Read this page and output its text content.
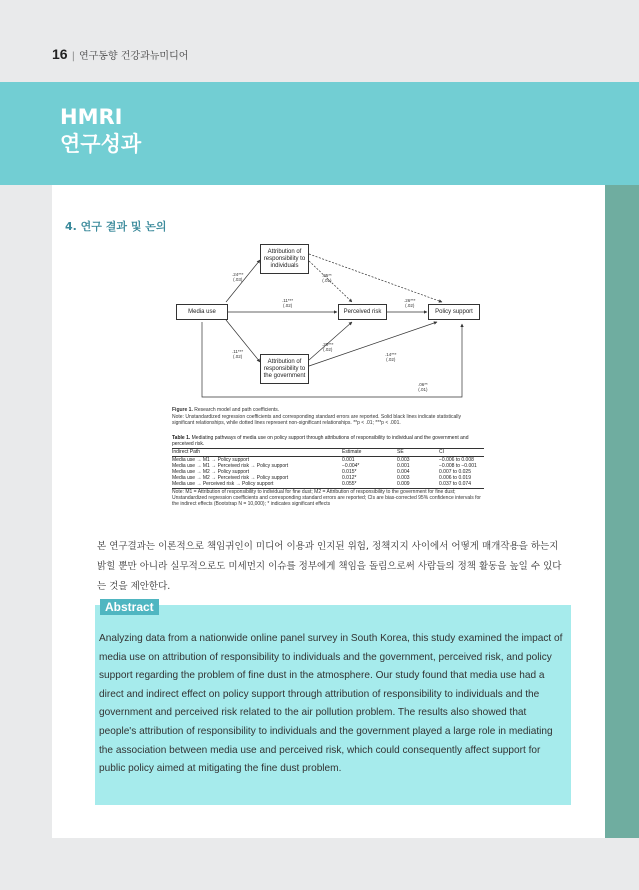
16 | 연구동향 건강과뉴미디어
HMRI
연구성과
4. 연구 결과 및 논의
Media use
Attribution of responsibility to individuals
Attribution of responsibility to the government
Perceived risk	Policy support
.24***
(.03)
.05**
(.01)
.11***
(.02)
.26***
(.02)
.11***
(.02)
.20***
(.02)
.14***
(.02)
.06**
(.01)
Figure 1. Research model and path coefficients.
Note: Unstandardized regression coefficients and corresponding standard errors are reported. Solid black lines indicate statistically significant relationships, while dotted lines represent non-significant relationships. **p < .01; ***p < .001.
Table 1. Mediating pathways of media use on policy support through attributions of responsibility to individual and the government and perceived risk.
Indirect Path	Estimate	SE	CI
Media use → M1 → Policy support	0.001	0.003	−0.006 to 0.008
Media use → M1 → Perceived risk → Policy support	−0.004*	0.001	−0.008 to −0.001
Media use → M2 → Policy support	0.015*	0.004	0.007 to 0.025
Media use → M2 → Perceived risk → Policy support	0.012*	0.003	0.006 to 0.019
Media use → Perceived risk → Policy support	0.055*	0.009	0.037 to 0.074
Note: M1 = Attribution of responsibility to individual for fine dust; M2 = Attribution of responsibility to the government for fine dust; Unstandardized regression coefficients and corresponding standard errors are reported; CIs are bias-corrected 95% confidence intervals for the indirect effects (Bootstrap N = 10,000); * indicates significant effects

본 연구결과는 이론적으로 책임귀인이 미디어 이용과 인지된 위험, 정책지지 사이에서 어떻게 매개작용을 하는지 밝힐 뿐만 아니라 실무적으로도 미세먼지 이슈를 정부에게 책임을 돌림으로써 사람들의 정책 활동을 높일 수 있다는 것을 제안한다.

Abstract

Analyzing data from a nationwide online panel survey in South Korea, this study examined the impact of media use on attribution of responsibility to individuals and the government, perceived risk, and policy support regarding the problem of fine dust in the atmosphere. Our study found that media use had a direct and indirect effect on policy support through attribution of responsibility to individuals and the government and perceived risk related to the air pollution problem. The results also showed that people's attribution of responsibility to individuals and the government played a large role in mediating the association between media use and perceived risk, which could consequently affect support for public policy aimed at mitigating the fine dust problem.
